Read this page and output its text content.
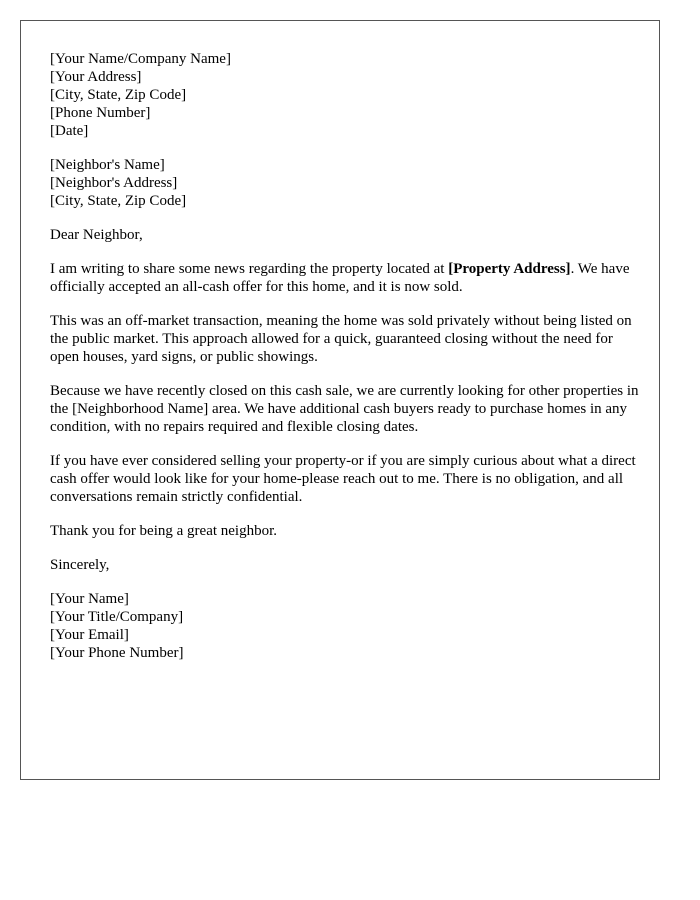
[Your Name/Company Name]
[Your Address]
[City, State, Zip Code]
[Phone Number]
[Date]
[Neighbor's Name]
[Neighbor's Address]
[City, State, Zip Code]

Dear Neighbor,

I am writing to share some news regarding the property located at [Property Address]. We have officially accepted an all-cash offer for this home, and it is now sold.

This was an off-market transaction, meaning the home was sold privately without being listed on the public market. This approach allowed for a quick, guaranteed closing without the need for open houses, yard signs, or public showings.

Because we have recently closed on this cash sale, we are currently looking for other properties in the [Neighborhood Name] area. We have additional cash buyers ready to purchase homes in any condition, with no repairs required and flexible closing dates.

If you have ever considered selling your property-or if you are simply curious about what a direct cash offer would look like for your home-please reach out to me. There is no obligation, and all conversations remain strictly confidential.

Thank you for being a great neighbor.

Sincerely,

[Your Name]
[Your Title/Company]
[Your Email]
[Your Phone Number]
